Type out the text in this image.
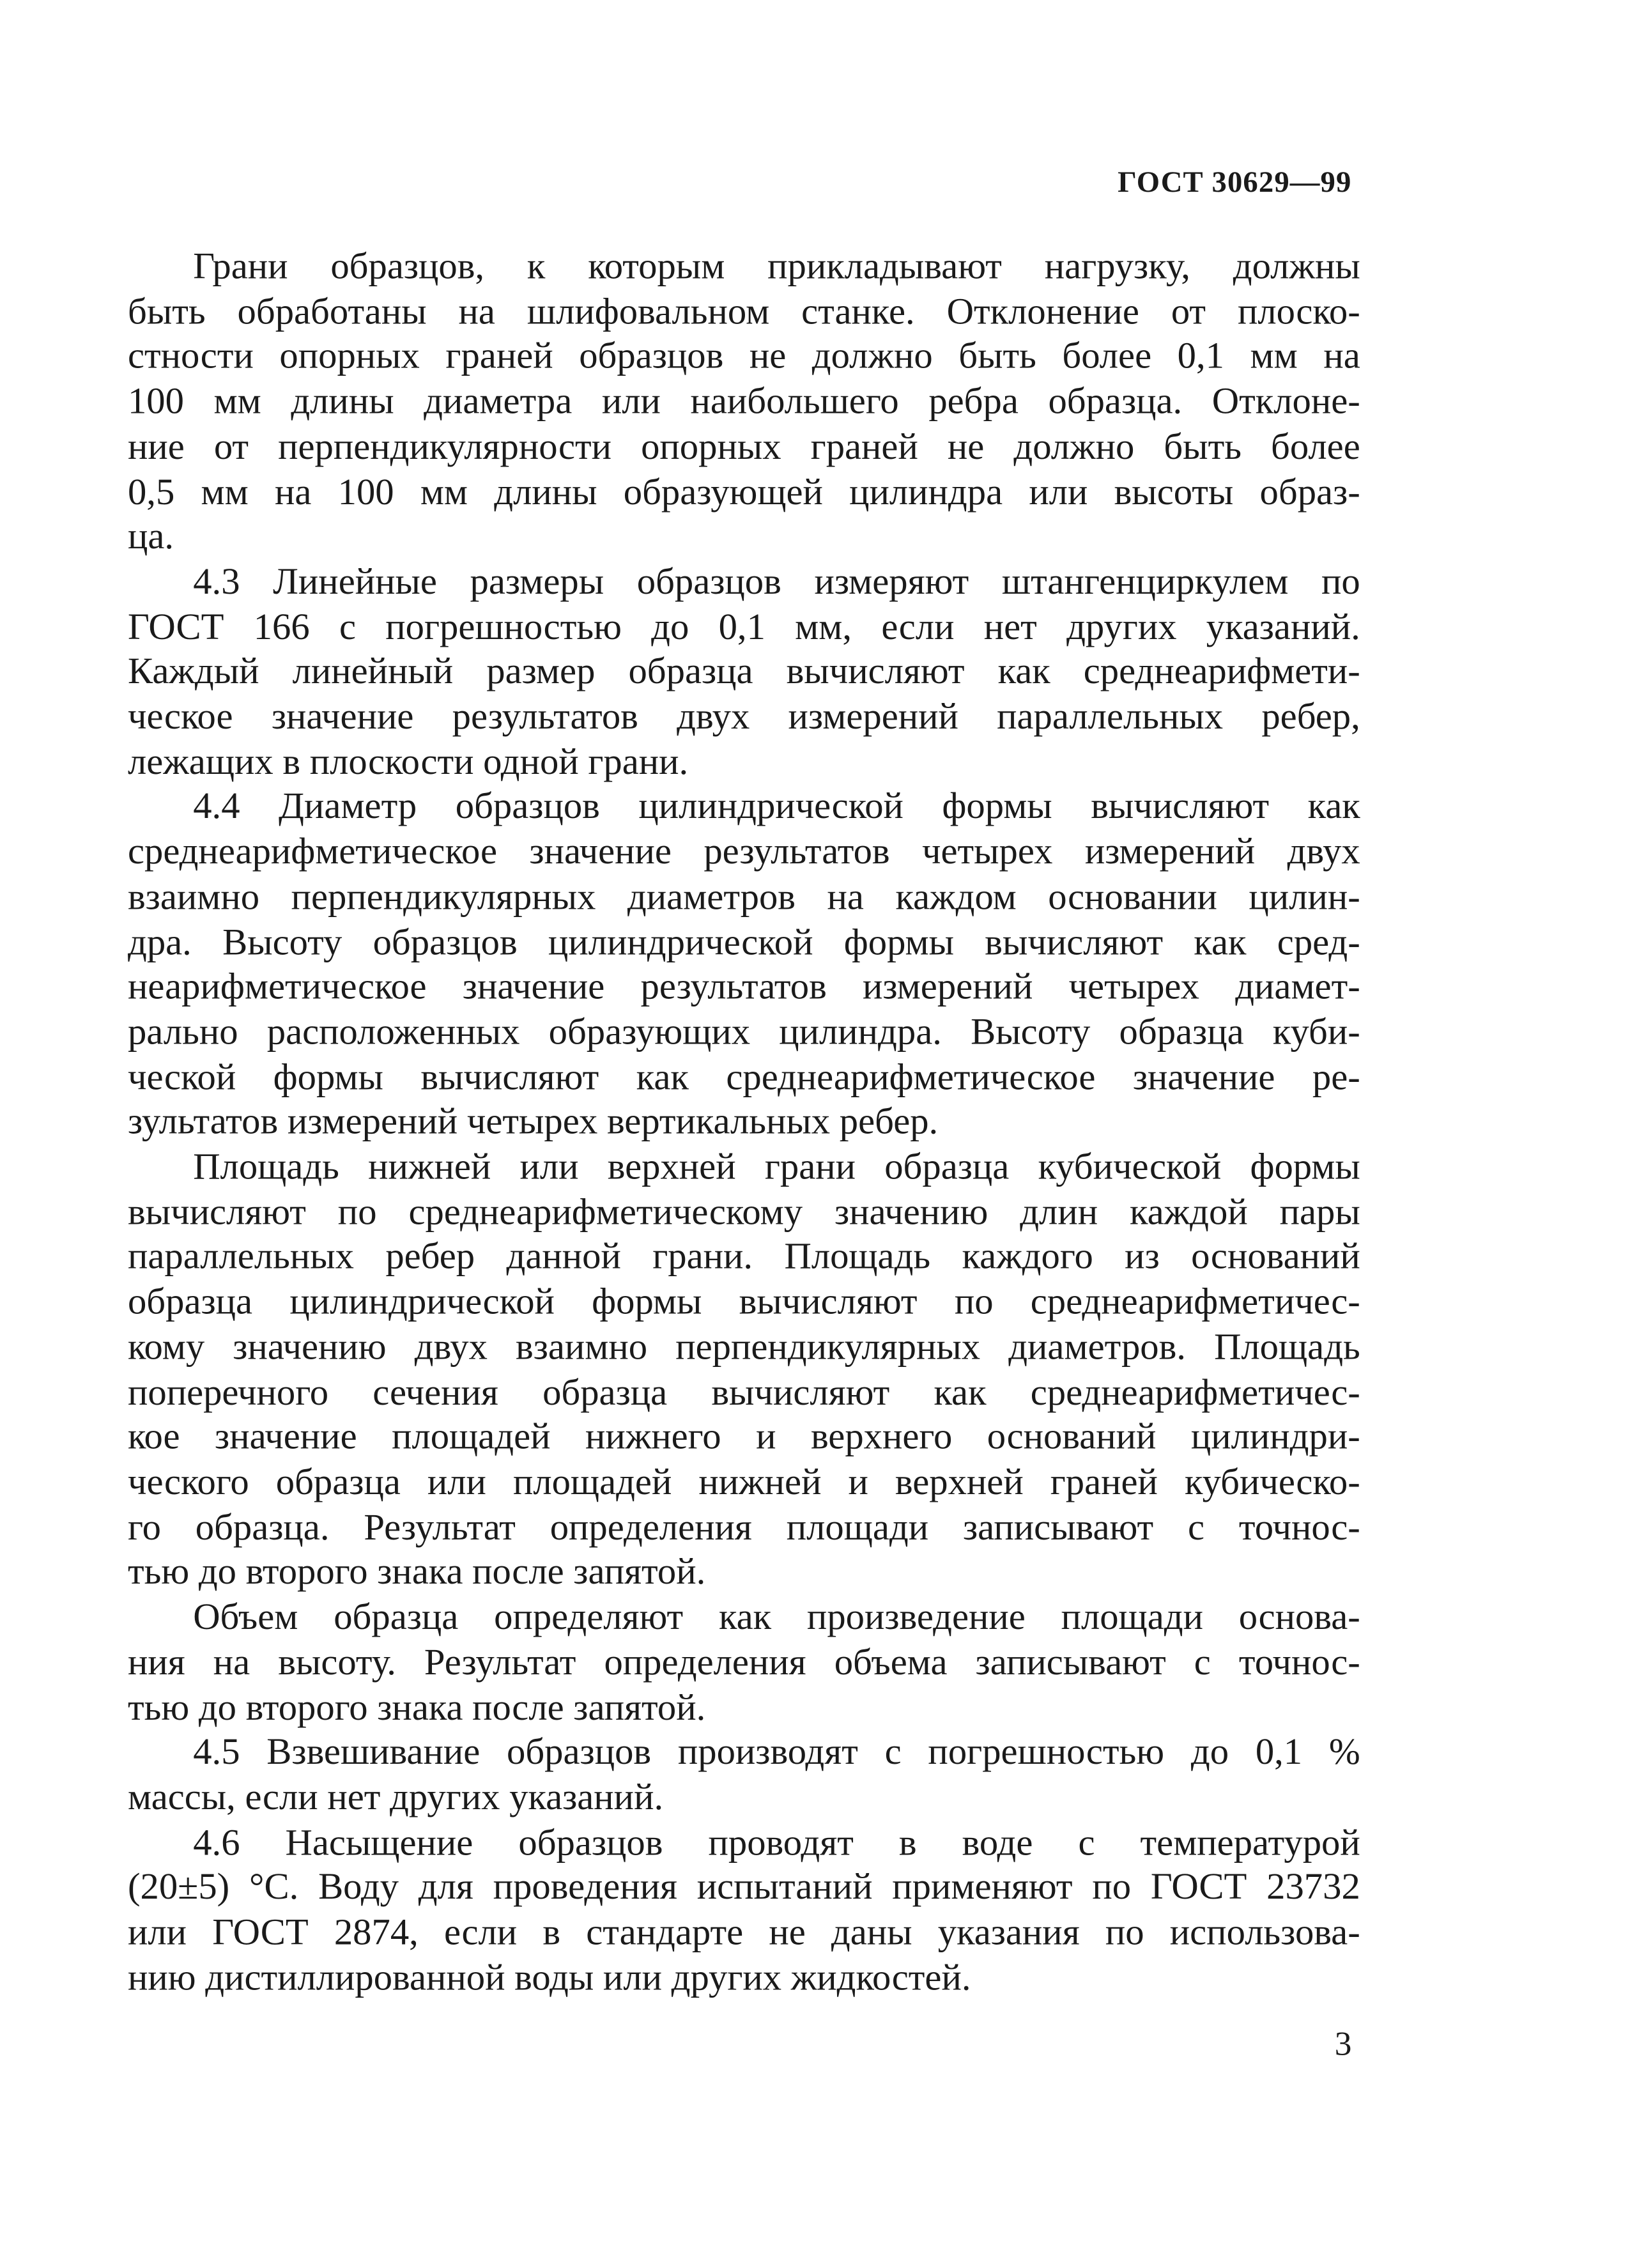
ГОСТ 30629—99
Грани образцов, к которым прикладывают нагрузку, должны
быть обработаны на шлифовальном станке. Отклонение от плоско-
стности опорных граней образцов не должно быть более 0,1 мм на
100 мм длины диаметра или наибольшего ребра образца. Отклоне-
ние от перпендикулярности опорных граней не должно быть более
0,5 мм на 100 мм длины образующей цилиндра или высоты образ-
ца.
4.3 Линейные размеры образцов измеряют штангенциркулем по
ГОСТ 166 с погрешностью до 0,1 мм, если нет других указаний.
Каждый линейный размер образца вычисляют как среднеарифмети-
ческое значение результатов двух измерений параллельных ребер,
лежащих в плоскости одной грани.
4.4 Диаметр образцов цилиндрической формы вычисляют как
среднеарифметическое значение результатов четырех измерений двух
взаимно перпендикулярных диаметров на каждом основании цилин-
дра. Высоту образцов цилиндрической формы вычисляют как сред-
неарифметическое значение результатов измерений четырех диамет-
рально расположенных образующих цилиндра. Высоту образца куби-
ческой формы вычисляют как среднеарифметическое значение ре-
зультатов измерений четырех вертикальных ребер.
Площадь нижней или верхней грани образца кубической формы
вычисляют по среднеарифметическому значению длин каждой пары
параллельных ребер данной грани. Площадь каждого из оснований
образца цилиндрической формы вычисляют по среднеарифметичес-
кому значению двух взаимно перпендикулярных диаметров. Площадь
поперечного сечения образца вычисляют как среднеарифметичес-
кое значение площадей нижнего и верхнего оснований цилиндри-
ческого образца или площадей нижней и верхней граней кубическо-
го образца. Результат определения площади записывают с точнос-
тью до второго знака после запятой.
Объем образца определяют как произведение площади основа-
ния на высоту. Результат определения объема записывают с точнос-
тью до второго знака после запятой.
4.5 Взвешивание образцов производят с погрешностью до 0,1 %
массы, если нет других указаний.
4.6 Насыщение образцов проводят в воде с температурой
(20±5) °С. Воду для проведения испытаний применяют по ГОСТ 23732
или ГОСТ 2874, если в стандарте не даны указания по использова-
нию дистиллированной воды или других жидкостей.
3
